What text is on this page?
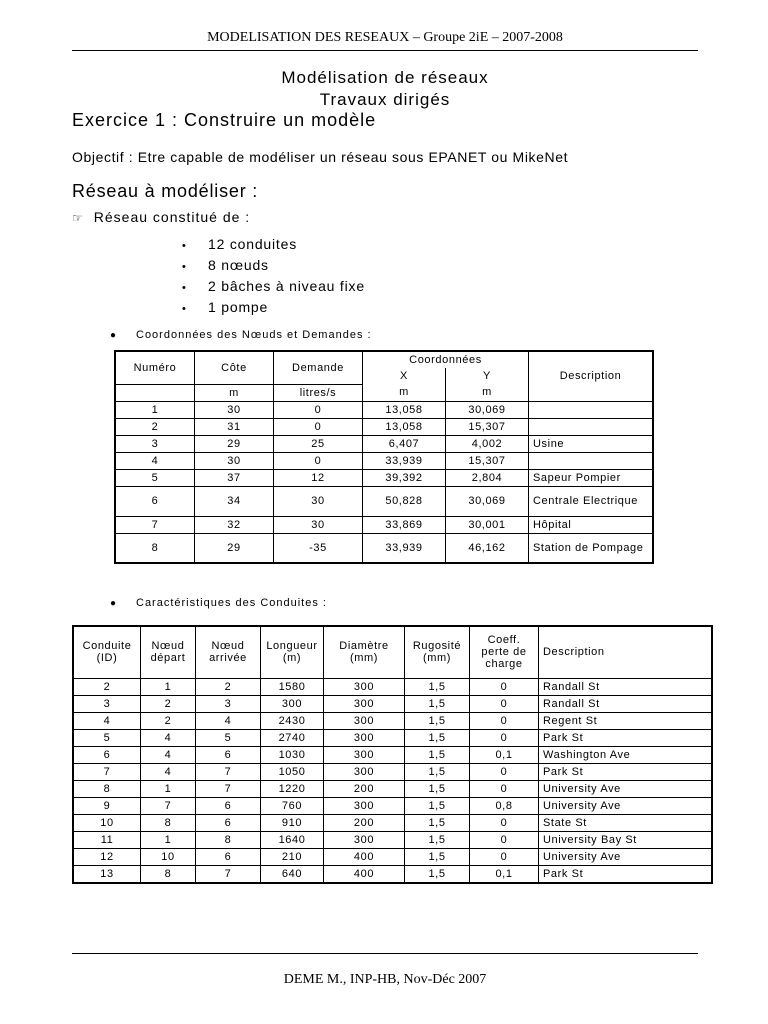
MODELISATION DES RESEAUX – Groupe 2iE – 2007-2008
Modélisation de réseaux
Travaux dirigés
Exercice 1 : Construire un modèle
Objectif : Etre capable de modéliser un réseau sous EPANET ou MikeNet
Réseau à modéliser :
☞ Réseau constitué de :
• 12 conduites
• 8 nœuds
• 2 bâches à niveau fixe
• 1 pompe
● Coordonnées des Nœuds et Demandes :
Numéro	Côte	Demande	Coordonnées		Description
			X	Y	
	m	litres/s	m	m	
1	30	0	13,058	30,069	
2	31	0	13,058	15,307	
3	29	25	6,407	4,002	Usine
4	30	0	33,939	15,307	
5	37	12	39,392	2,804	Sapeur Pompier
6	34	30	50,828	30,069	Centrale Electrique
7	32	30	33,869	30,001	Hôpital
8	29	-35	33,939	46,162	Station de Pompage
● Caractéristiques des Conduites :
Conduite (ID)	Nœud départ	Nœud arrivée	Longueur (m)	Diamètre (mm)	Rugosité (mm)	Coeff. perte de charge	Description
2	1	2	1580	300	1,5	0	Randall St
3	2	3	300	300	1,5	0	Randall St
4	2	4	2430	300	1,5	0	Regent St
5	4	5	2740	300	1,5	0	Park St
6	4	6	1030	300	1,5	0,1	Washington Ave
7	4	7	1050	300	1,5	0	Park St
8	1	7	1220	200	1,5	0	University Ave
9	7	6	760	300	1,5	0,8	University Ave
10	8	6	910	200	1,5	0	State St
11	1	8	1640	300	1,5	0	University Bay St
12	10	6	210	400	1,5	0	University Ave
13	8	7	640	400	1,5	0,1	Park St
DEME M., INP-HB, Nov-Déc 2007
